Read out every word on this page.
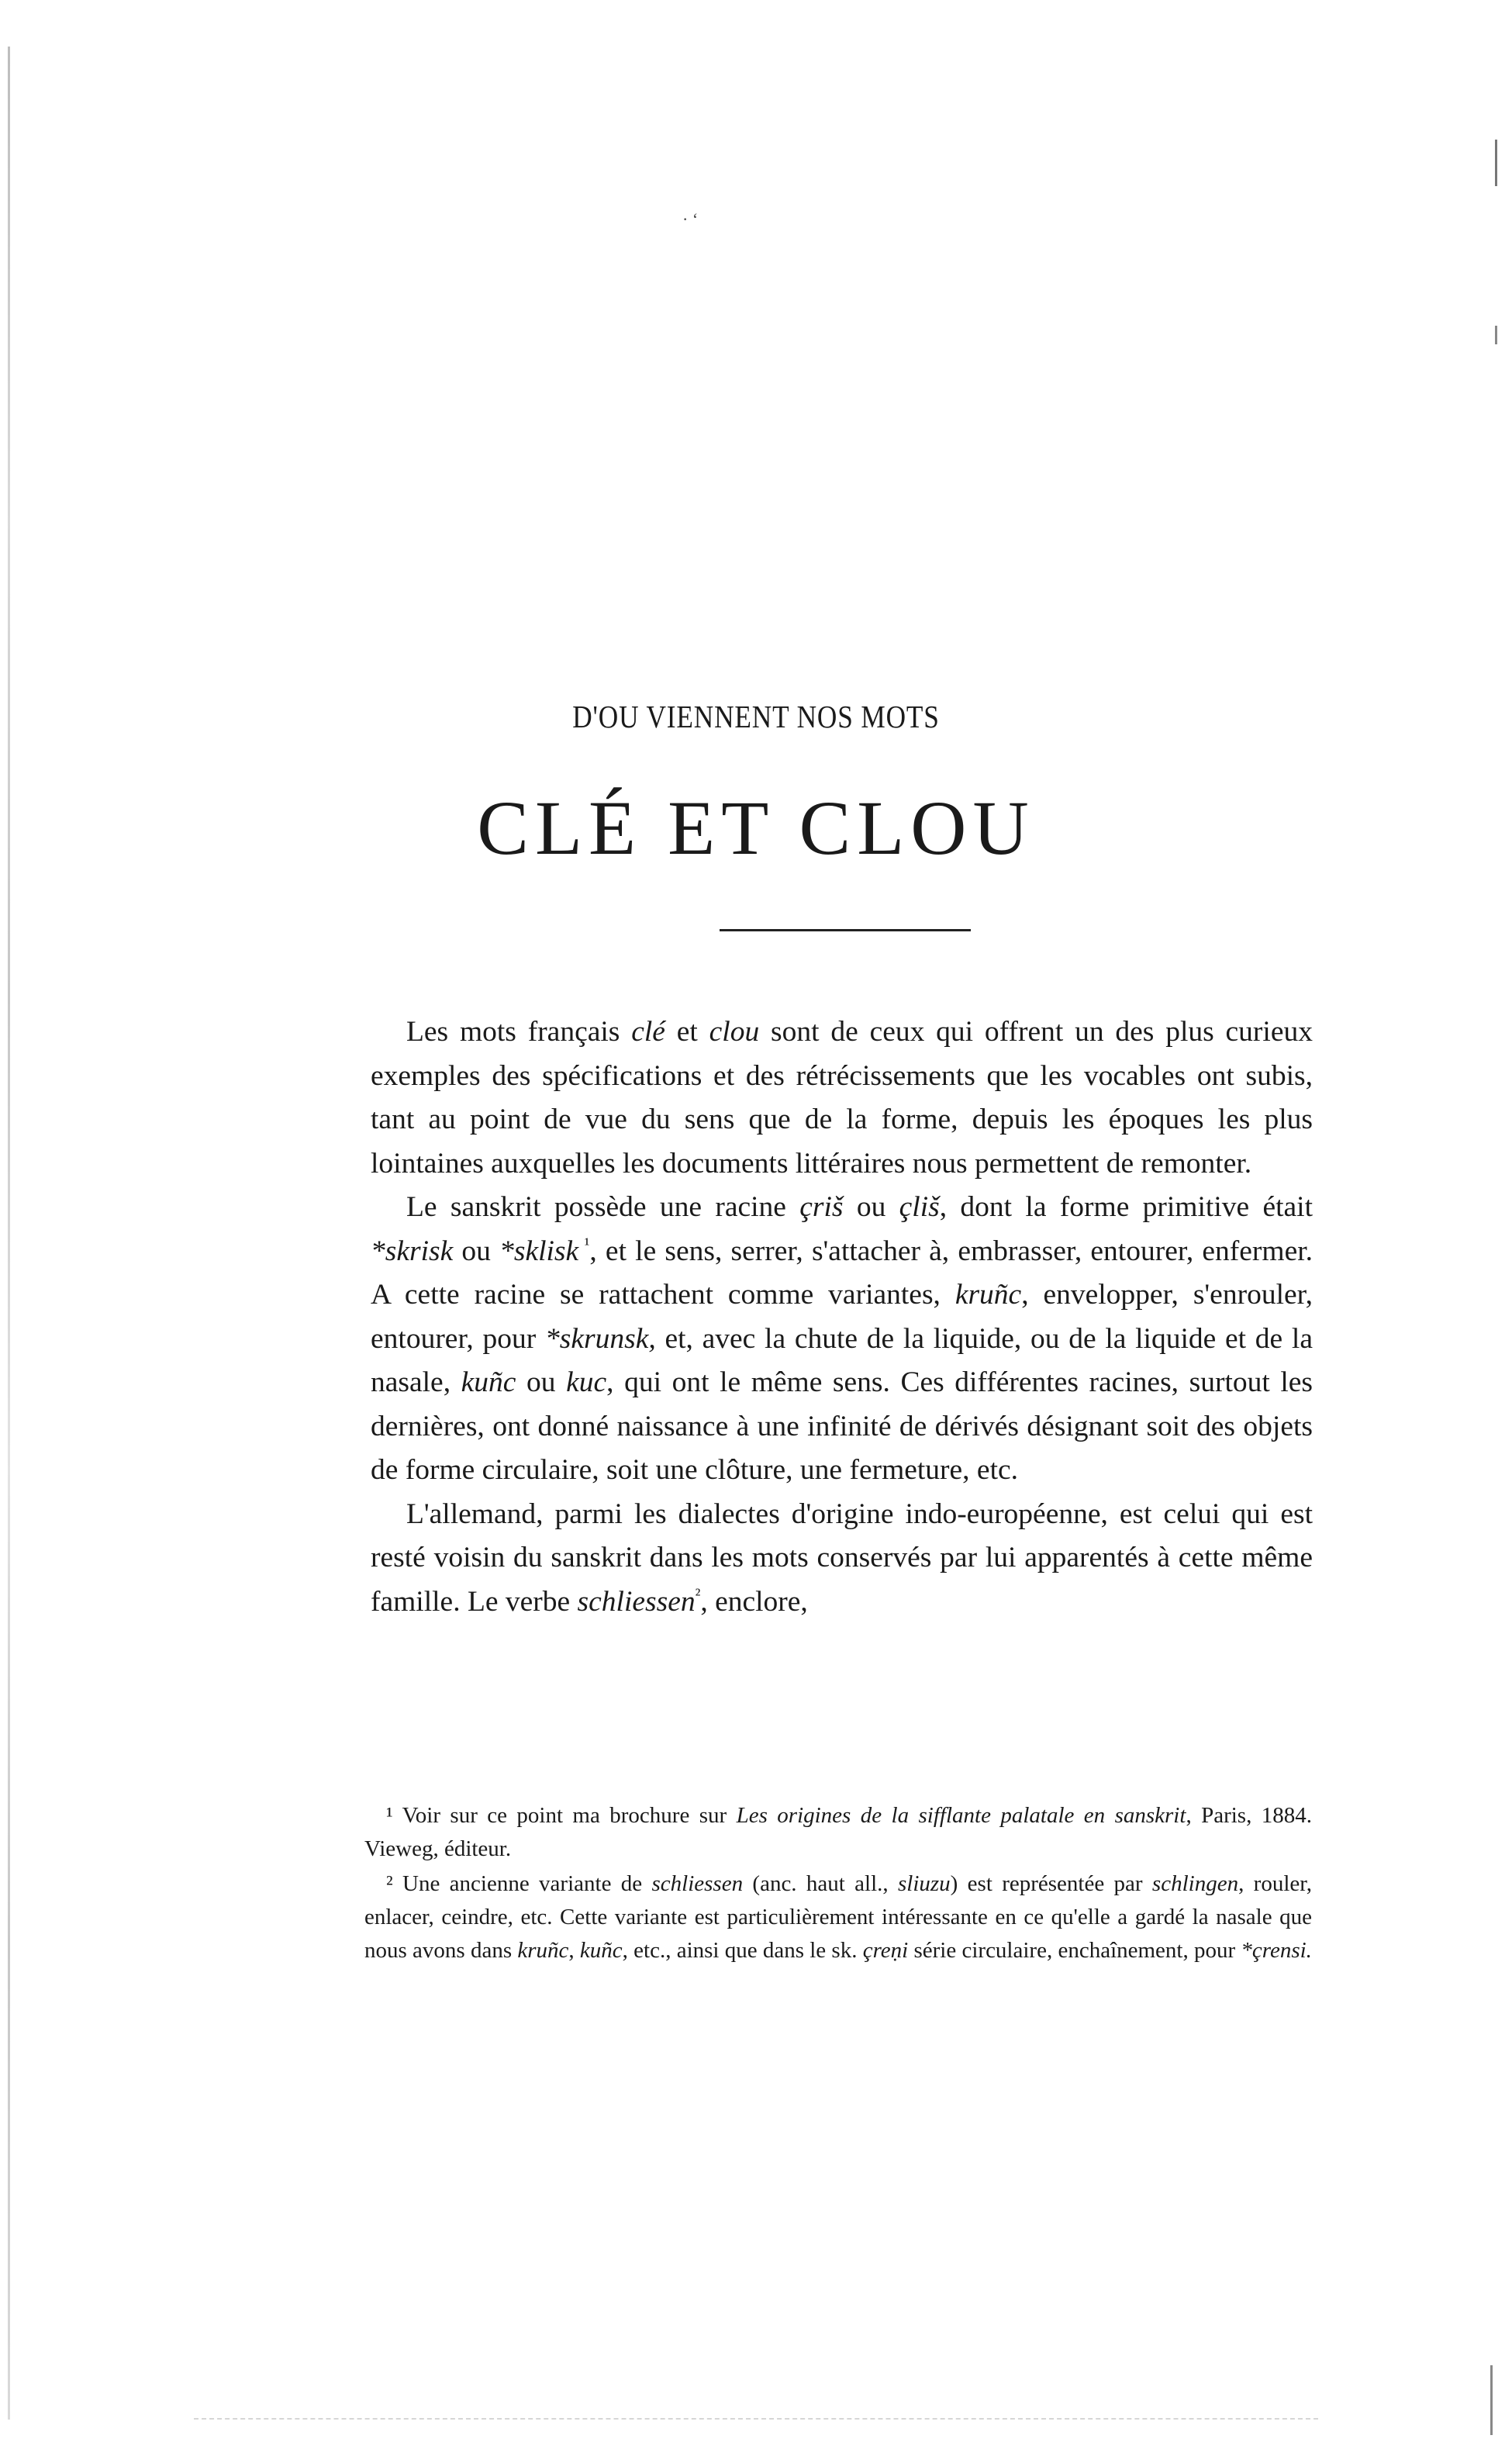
· ‘
D'OU VIENNENT NOS MOTS
CLÉ ET CLOU

Les mots français clé et clou sont de ceux qui offrent un des plus curieux exemples des spécifications et des rétrécissements que les vocables ont subis, tant au point de vue du sens que de la forme, depuis les époques les plus lointaines auxquelles les documents littéraires nous permettent de remonter.

Le sanskrit possède une racine çriš ou çliš, dont la forme primitive était *skrisk ou *sklisk $^{^1}$, et le sens, serrer, s'attacher à, embrasser, entourer, enfermer. A cette racine se rattachent comme variantes, kruñc, envelopper, s'enrouler, entourer, pour *skrunsk, et, avec la chute de la liquide, ou de la liquide et de la nasale, kuñc ou kuc, qui ont le même sens. Ces différentes racines, surtout les dernières, ont donné naissance à une infinité de dérivés désignant soit des objets de forme circulaire, soit une clôture, une fermeture, etc.

L'allemand, parmi les dialectes d'origine indo-européenne, est celui qui est resté voisin du sanskrit dans les mots conservés par lui apparentés à cette même famille. Le verbe schliessen$^{^2}$, enclore,

¹ Voir sur ce point ma brochure sur Les origines de la sifflante palatale en sanskrit, Paris, 1884. Vieweg, éditeur.

² Une ancienne variante de schliessen (anc. haut all., sliuzu) est représentée par schlingen, rouler, enlacer, ceindre, etc. Cette variante est particulièrement intéressante en ce qu'elle a gardé la nasale que nous avons dans kruñc, kuñc, etc., ainsi que dans le sk. çreṇi série circulaire, enchaînement, pour *çrensi.
